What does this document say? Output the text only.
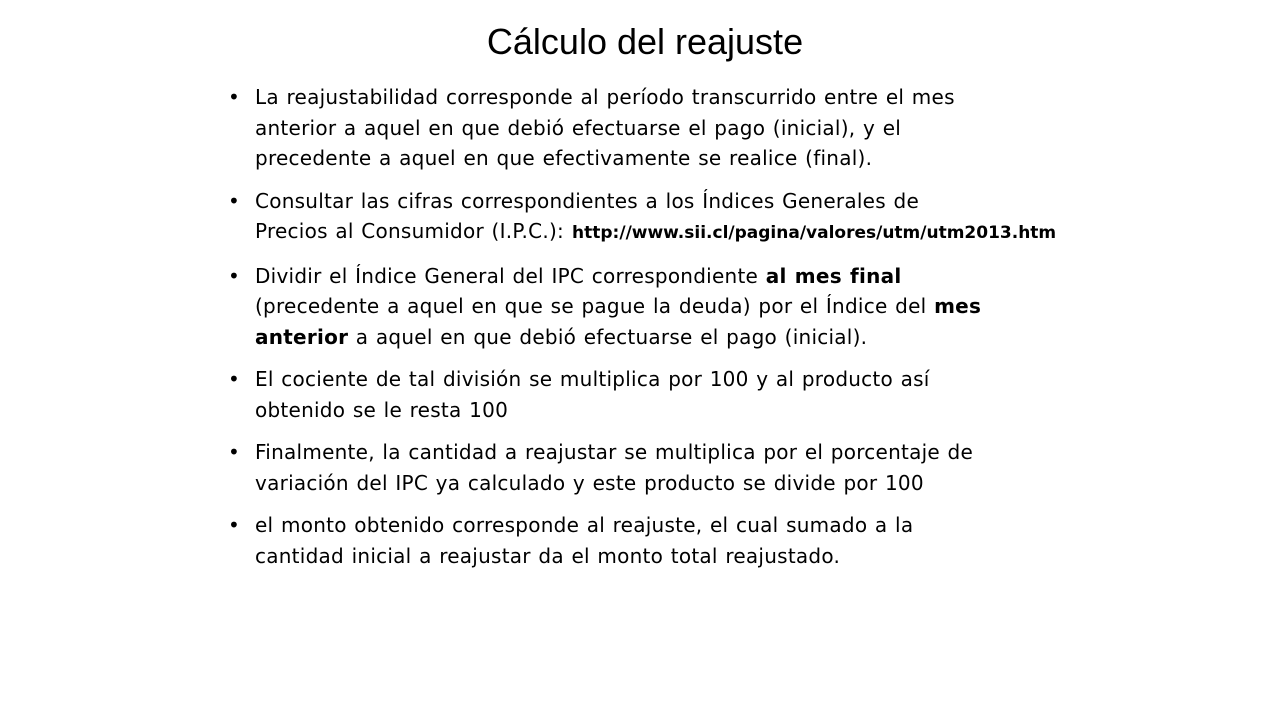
Cálculo del reajuste
• La reajustabilidad corresponde al período transcurrido entre el mes
anterior a aquel en que debió efectuarse el pago (inicial), y el
precedente a aquel en que efectivamente se realice (final).
• Consultar las cifras correspondientes a los Índices Generales de
Precios al Consumidor (I.P.C.): http://www.sii.cl/pagina/valores/utm/utm2013.htm
• Dividir el Índice General del IPC correspondiente al mes final
(precedente a aquel en que se pague la deuda) por el Índice del mes
anterior a aquel en que debió efectuarse el pago (inicial).
• El cociente de tal división se multiplica por 100 y al producto así
obtenido se le resta 100
• Finalmente, la cantidad a reajustar se multiplica por el porcentaje de
variación del IPC ya calculado y este producto se divide por 100
• el monto obtenido corresponde al reajuste, el cual sumado a la
cantidad inicial a reajustar da el monto total reajustado.
